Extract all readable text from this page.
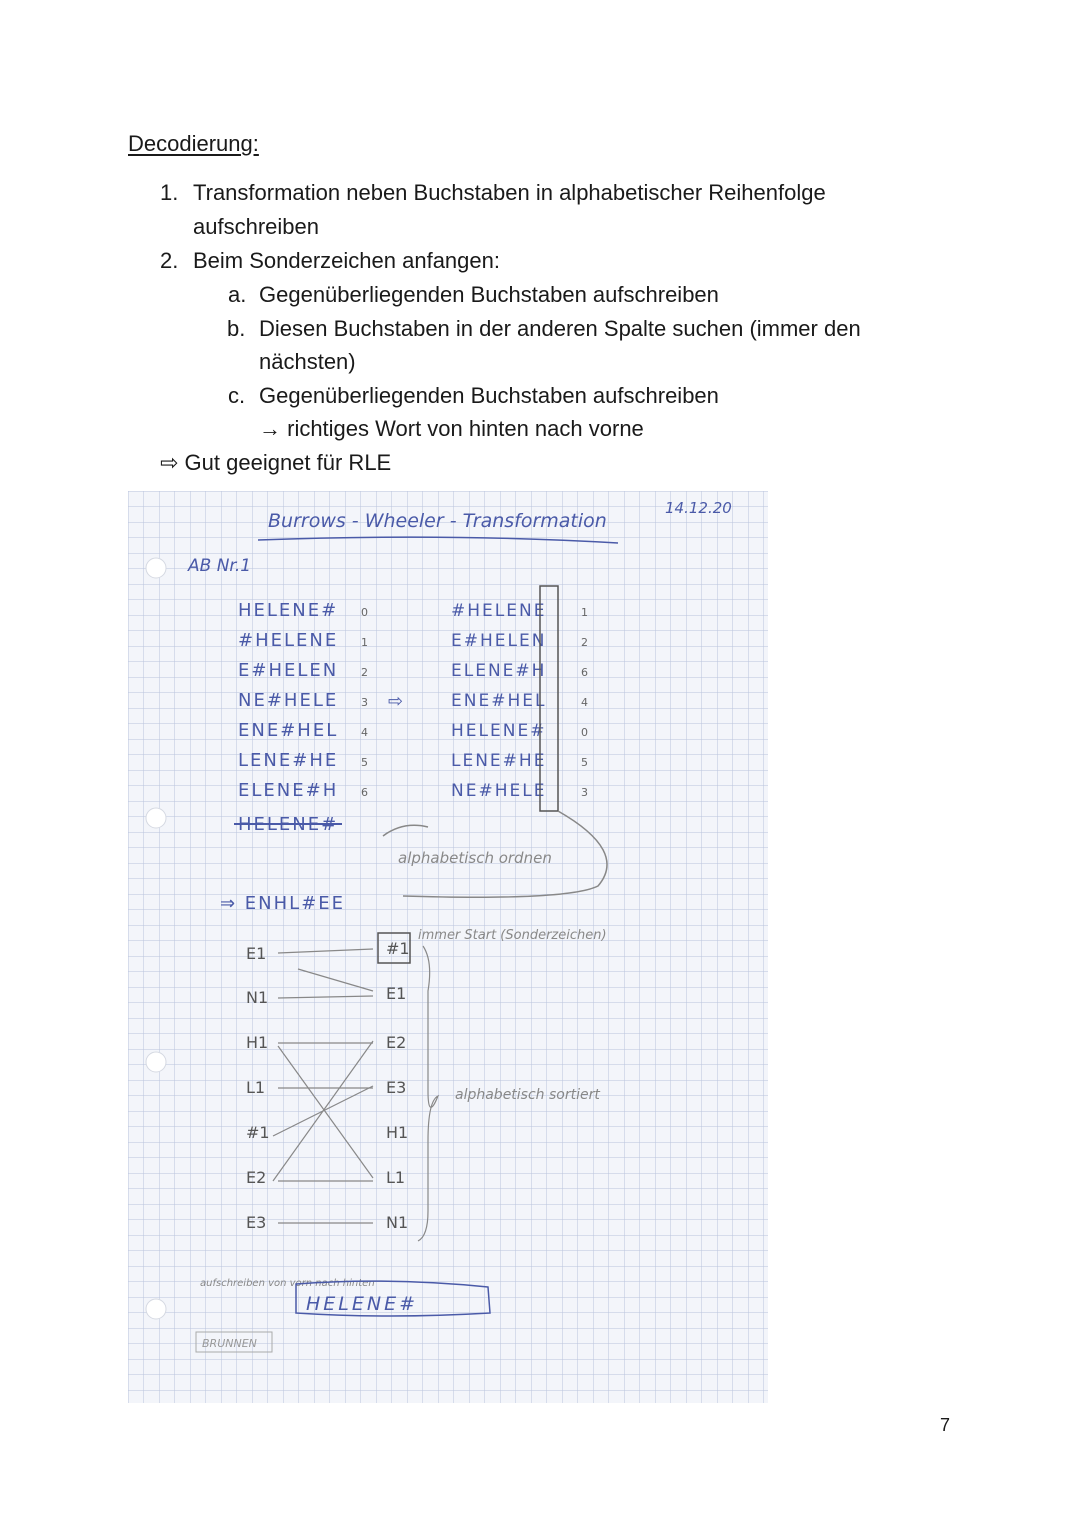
Decodierung:
1. Transformation neben Buchstaben in alphabetischer Reihenfolge

aufschreiben

2. Beim Sonderzeichen anfangen:

a. Gegenüberliegenden Buchstaben aufschreiben

b. Diesen Buchstaben in der anderen Spalte suchen (immer den

nächsten)

c. Gegenüberliegenden Buchstaben aufschreiben

→ richtiges Wort von hinten nach vorne

⇨ Gut geeignet für RLE

Burrows - Wheeler - Transformation
14.12.20
AB Nr.1
HELENE#
#HELENE
E#HELEN
NE#HELE
ENE#HEL
LENE#HE
ELENE#H
HELENE#
0
1
2
3
4
5
6
⇨
#HELENE
E#HELEN
ELENE#H
ENE#HEL
HELENE#
LENE#HE
NE#HELE
1
2
6
4
0
5
3
alphabetisch ordnen
⇒ ENHL#EE
E1
N1
H1
L1
#1
E2
E3
#1
E1
E2
E3
H1
L1
N1
immer Start (Sonderzeichen)
alphabetisch sortiert
aufschreiben von vorn nach hinten
HELENE#
BRUNNEN
7
